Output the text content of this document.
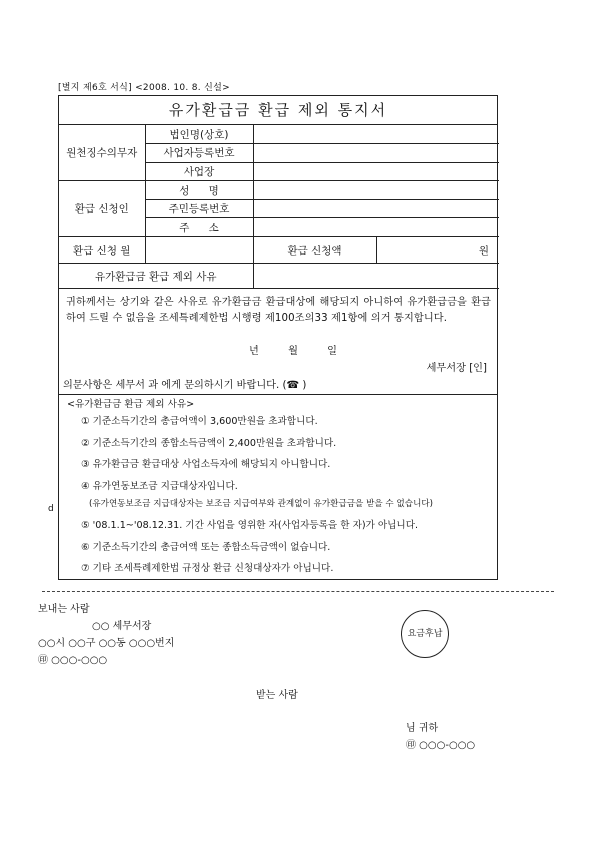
[별지 제6호 서식] <2008. 10. 8. 신설>
유가환급금 환급 제외 통지서
원천징수의무자	법인명(상호)		
	사업자등록번호		
	사업장		
환급 신청인	성 명		
	주민등록번호		
	주 소		
환급 신청 월		환급 신청액	원
유가환급금 환급 제외 사유			
귀하께서는 상기와 같은 사유로 유가환급금 환급대상에 해당되지 아니하여 유가환급금을 환급하여 드릴 수 없음을 조세특례제한법 시행령 제100조의33 제1항에 의거 통지합니다.
년 월 일
세무서장 [인]
의문사항은 세무서 과 에게 문의하시기 바랍니다. (☎ )
<유가환급금 환급 제외 사유>
① 기준소득기간의 총급여액이 3,600만원을 초과합니다.
② 기준소득기간의 종합소득금액이 2,400만원을 초과합니다.
③ 유가환급금 환급대상 사업소득자에 해당되지 아니합니다.
④ 유가연동보조금 지급대상자입니다.
(유가연동보조금 지급대상자는 보조금 지급여부와 관계없이 유가환급금을 받을 수 없습니다)
⑤ '08.1.1~'08.12.31. 기간 사업을 영위한 자(사업자등록을 한 자)가 아닙니다.
⑥ 기준소득기간의 총급여액 또는 종합소득금액이 없습니다.
⑦ 기타 조세특례제한법 규정상 환급 신청대상자가 아닙니다.
d
보내는 사람
○○ 세무서장
○○시 ○○구 ○○동 ○○○번지
㊞ ○○○-○○○
요금후납
받는 사람
님 귀하
㊞ ○○○-○○○
